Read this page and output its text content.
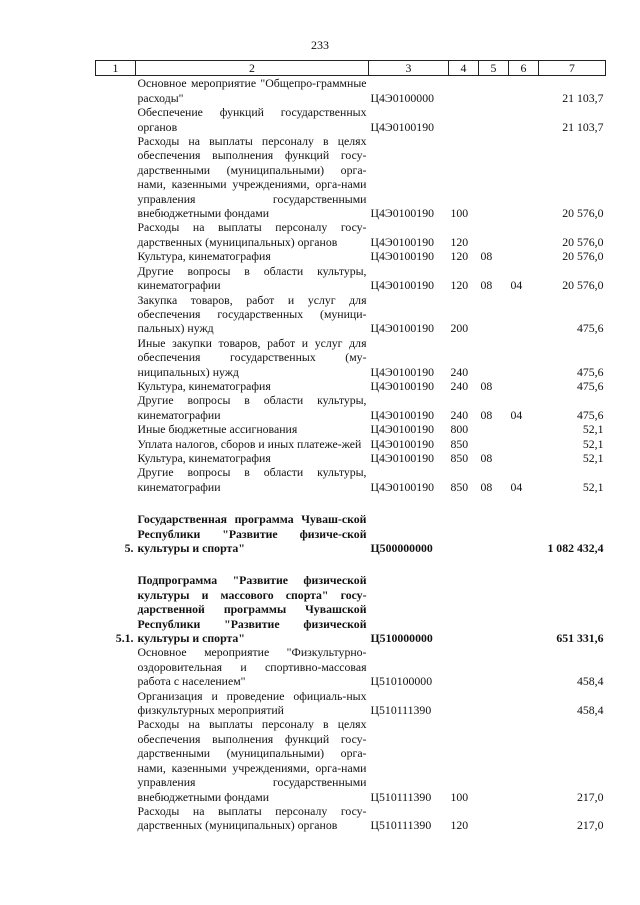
233
1	2	3	4	5	6	7
	Основное мероприятие "Общепро-граммные расходы"	Ц4Э0100000				21 103,7
	Обеспечение функций государственных органов	Ц4Э0100190				21 103,7
	Расходы на выплаты персоналу в целях обеспечения выполнения функций госу-дарственными (муниципальными) орга-нами, казенными учреждениями, орга-нами управления государственными внебюджетными фондами	Ц4Э0100190	100			20 576,0
	Расходы на выплаты персоналу госу-дарственных (муниципальных) органов	Ц4Э0100190	120			20 576,0
	Культура, кинематография	Ц4Э0100190	120	08		20 576,0
	Другие вопросы в области культуры, кинематографии	Ц4Э0100190	120	08	04	20 576,0
	Закупка товаров, работ и услуг для обеспечения государственных (муници-пальных) нужд	Ц4Э0100190	200			475,6
	Иные закупки товаров, работ и услуг для обеспечения государственных (му-ниципальных) нужд	Ц4Э0100190	240			475,6
	Культура, кинематография	Ц4Э0100190	240	08		475,6
	Другие вопросы в области культуры, кинематографии	Ц4Э0100190	240	08	04	475,6
	Иные бюджетные ассигнования	Ц4Э0100190	800			52,1
	Уплата налогов, сборов и иных платеже-жей	Ц4Э0100190	850			52,1
	Культура, кинематография	Ц4Э0100190	850	08		52,1
	Другие вопросы в области культуры, кинематографии	Ц4Э0100190	850	08	04	52,1

5.	Государственная программа Чуваш-ской Республики "Развитие физиче-ской культуры и спорта"	Ц500000000				1 082 432,4

5.1.	Подпрограмма "Развитие физической культуры и массового спорта" госу-дарственной программы Чувашской Республики "Развитие физической культуры и спорта"	Ц510000000				651 331,6
	Основное мероприятие "Физкультурно-оздоровительная и спортивно-массовая работа с населением"	Ц510100000				458,4
	Организация и проведение официаль-ных физкультурных мероприятий	Ц510111390				458,4
	Расходы на выплаты персоналу в целях обеспечения выполнения функций госу-дарственными (муниципальными) орга-нами, казенными учреждениями, орга-нами управления государственными внебюджетными фондами	Ц510111390	100			217,0
	Расходы на выплаты персоналу госу-дарственных (муниципальных) органов	Ц510111390	120			217,0
